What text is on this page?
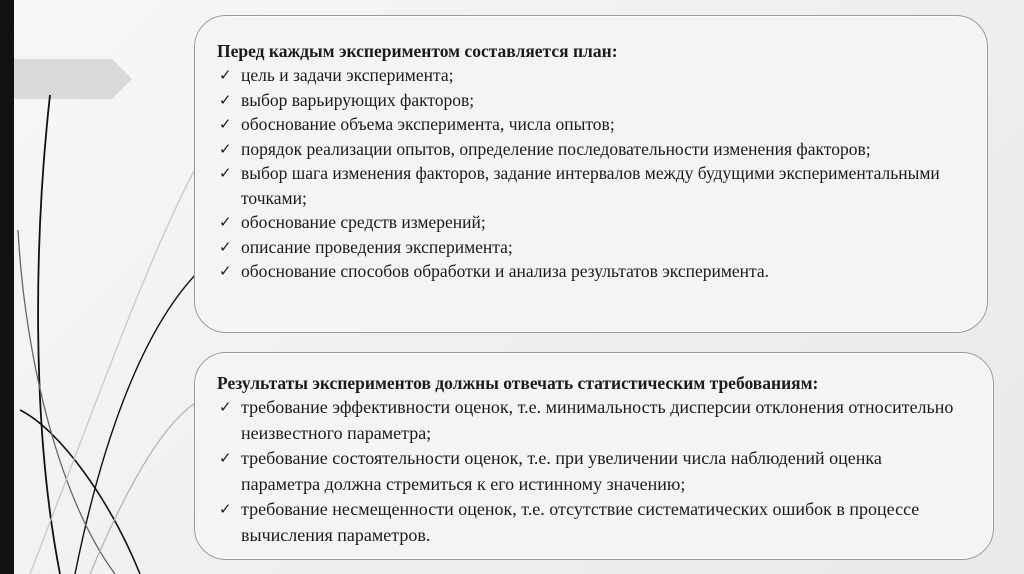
Перед каждым экспериментом составляется план:

✓ цель и задачи эксперимента;
✓ выбор варьирующих факторов;
✓ обоснование объема эксперимента, числа опытов;
✓ порядок реализации опытов, определение последовательности изменения факторов;
✓ выбор шага изменения факторов, задание интервалов между будущими экспериментальными точками;
✓ обоснование средств измерений;
✓ описание проведения эксперимента;
✓ обоснование способов обработки и анализа результатов эксперимента.

Результаты экспериментов должны отвечать статистическим требованиям:

✓ требование эффективности оценок, т.е. минимальность дисперсии отклонения относительно неизвестного параметра;
✓ требование состоятельности оценок, т.е. при увеличении числа наблюдений оценка параметра должна стремиться к его истинному значению;
✓ требование несмещенности оценок, т.е. отсутствие систематических ошибок в процессе вычисления параметров.
